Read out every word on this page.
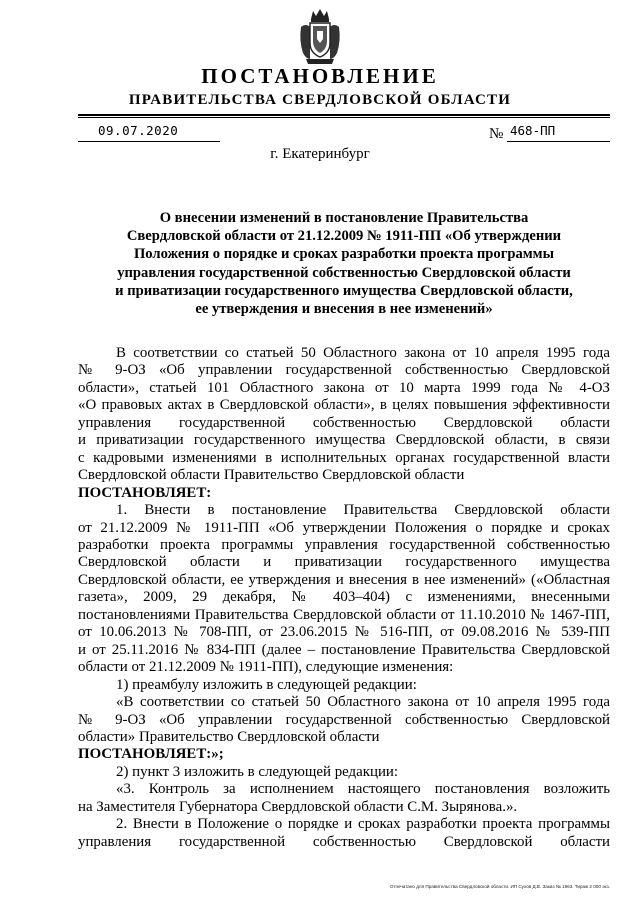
ПОСТАНОВЛЕНИЕ
ПРАВИТЕЛЬСТВА СВЕРДЛОВСКОЙ ОБЛАСТИ
09.07.2020	№ 468-ПП
г. Екатеринбург
О внесении изменений в постановление Правительства
Свердловской области от 21.12.2009 № 1911-ПП «Об утверждении
Положения о порядке и сроках разработки проекта программы
управления государственной собственностью Свердловской области
и приватизации государственного имущества Свердловской области,
ее утверждения и внесения в нее изменений»
В соответствии со статьей 50 Областного закона от 10 апреля 1995 года
№ 9-ОЗ «Об управлении государственной собственностью Свердловской
области», статьей 101 Областного закона от 10 марта 1999 года № 4-ОЗ
«О правовых актах в Свердловской области», в целях повышения эффективности
управления государственной собственностью Свердловской области
и приватизации государственного имущества Свердловской области, в связи
с кадровыми изменениями в исполнительных органах государственной власти
Свердловской области Правительство Свердловской области
ПОСТАНОВЛЯЕТ:
1. Внести в постановление Правительства Свердловской области
от 21.12.2009 № 1911-ПП «Об утверждении Положения о порядке и сроках
разработки проекта программы управления государственной собственностью
Свердловской области и приватизации государственного имущества
Свердловской области, ее утверждения и внесения в нее изменений» («Областная
газета», 2009, 29 декабря, № 403–404) с изменениями, внесенными
постановлениями Правительства Свердловской области от 11.10.2010 № 1467-ПП,
от 10.06.2013 № 708-ПП, от 23.06.2015 № 516-ПП, от 09.08.2016 № 539-ПП
и от 25.11.2016 № 834-ПП (далее – постановление Правительства Свердловской
области от 21.12.2009 № 1911-ПП), следующие изменения:
1) преамбулу изложить в следующей редакции:
«В соответствии со статьей 50 Областного закона от 10 апреля 1995 года
№ 9-ОЗ «Об управлении государственной собственностью Свердловской
области» Правительство Свердловской области
ПОСТАНОВЛЯЕТ:»;
2) пункт 3 изложить в следующей редакции:
«3. Контроль за исполнением настоящего постановления возложить
на Заместителя Губернатора Свердловской области С.М. Зырянова.».
2. Внести в Положение о порядке и сроках разработки проекта программы
управления государственной собственностью Свердловской области
Отпечатано для Правительства Свердловской области. ИП Сухов Д.В. Заказ № 1963. Тираж 2 000 экз.
